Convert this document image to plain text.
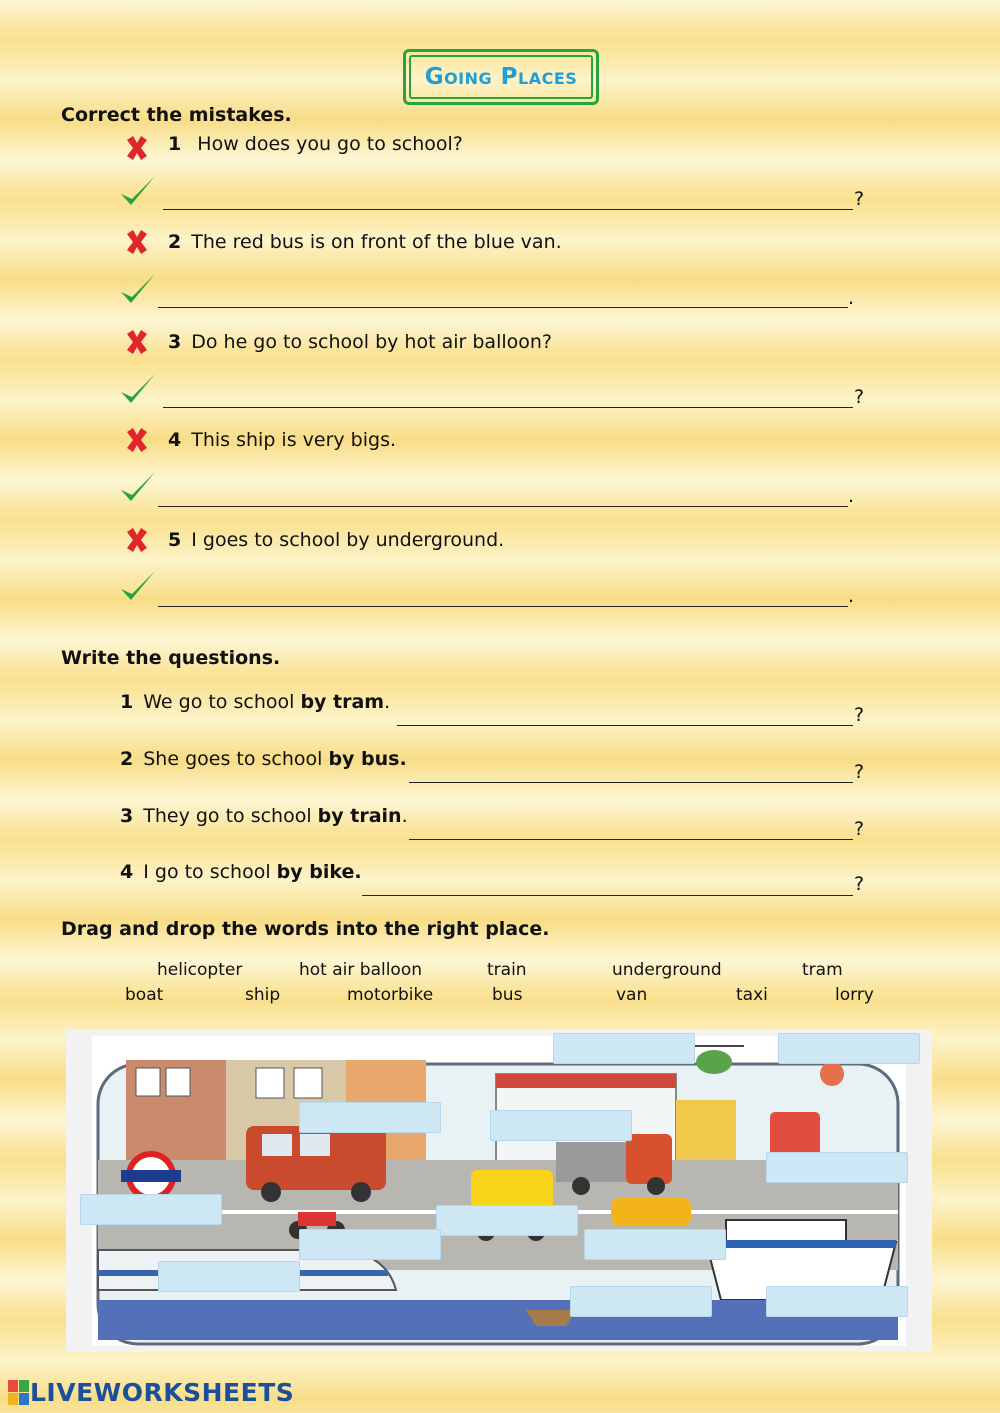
Going Places
Correct the mistakes.
1 How does you go to school?
?
2 The red bus is on front of the blue van.
.
3 Do he go to school by hot air balloon?
?
4 This ship is very bigs.
.
5 I goes to school by underground.
.
Write the questions.
1 We go to school by tram.
?
2 She goes to school by bus.
?
3 They go to school by train.
?
4 I go to school by bike.
?
Drag and drop the words into the right place.
helicopter	hot air balloon	train	underground	tram
boat	ship	motorbike	bus	van	taxi	lorry
LIVEWORKSHEETS
